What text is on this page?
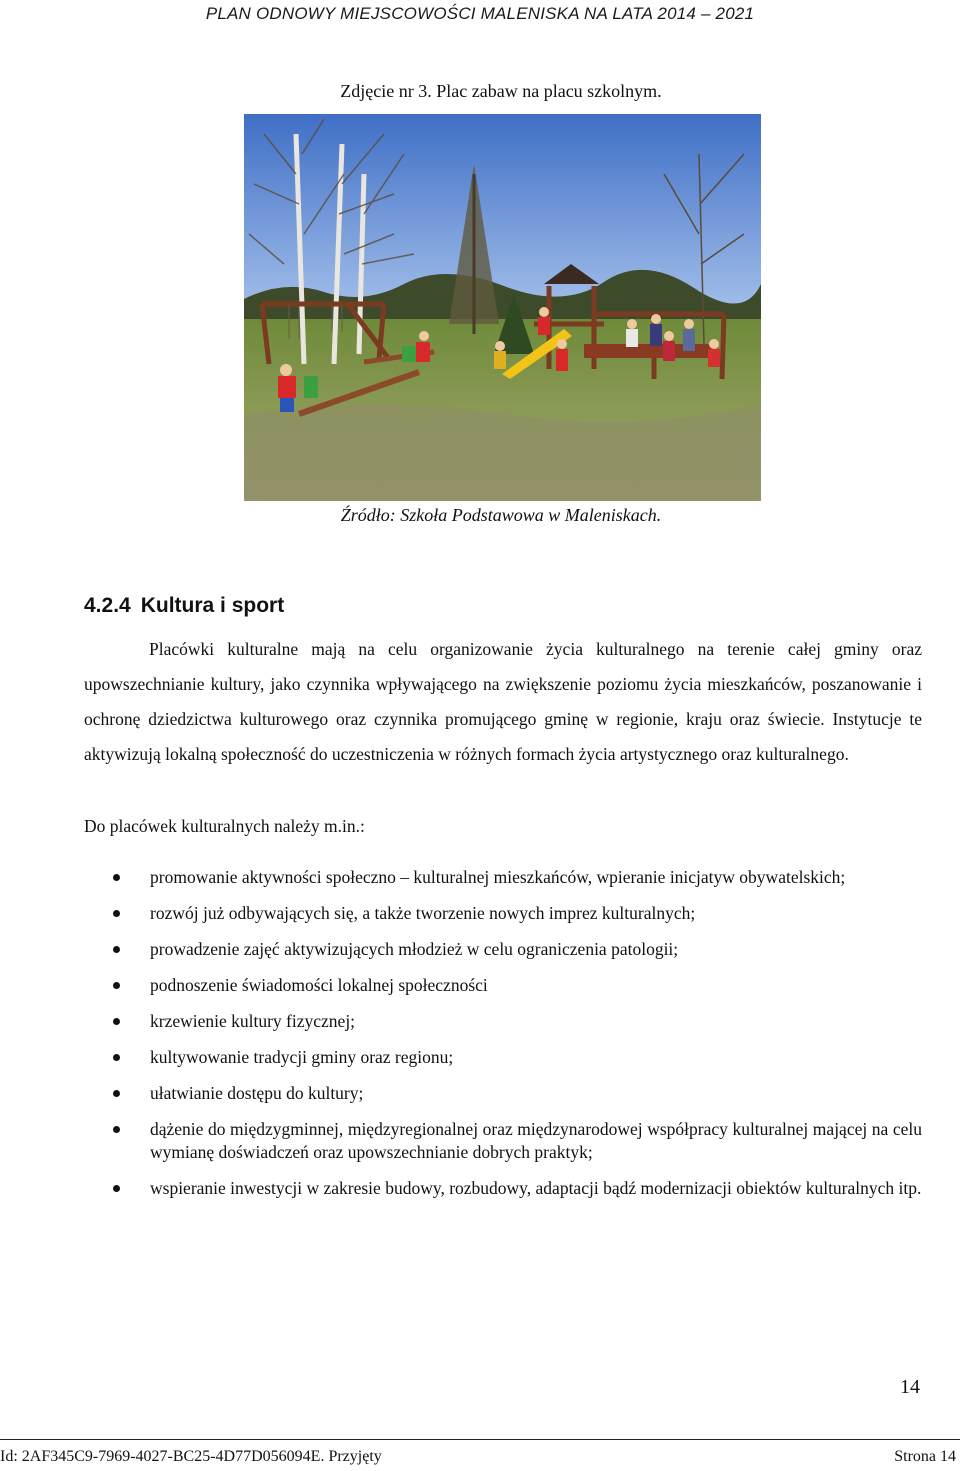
PLAN ODNOWY MIEJSCOWOŚCI MALENISKA NA LATA 2014 – 2021
Zdjęcie nr 3. Plac zabaw na placu szkolnym.
Źródło: Szkoła Podstawowa w Maleniskach.
4.2.4 Kultura i sport

Placówki kulturalne mają na celu organizowanie życia kulturalnego na terenie całej gminy oraz upowszechnianie kultury, jako czynnika wpływającego na zwiększenie poziomu życia mieszkańców, poszanowanie i ochronę dziedzictwa kulturowego oraz czynnika promującego gminę w regionie, kraju oraz świecie. Instytucje te aktywizują lokalną społeczność do uczestniczenia w różnych formach życia artystycznego oraz kulturalnego.

Do placówek kulturalnych należy m.in.:

promowanie aktywności społeczno – kulturalnej mieszkańców, wpieranie inicjatyw obywatelskich;
rozwój już odbywających się, a także tworzenie nowych imprez kulturalnych;
prowadzenie zajęć aktywizujących młodzież w celu ograniczenia patologii;
podnoszenie świadomości lokalnej społeczności
krzewienie kultury fizycznej;
kultywowanie tradycji gminy oraz regionu;
ułatwianie dostępu do kultury;
dążenie do międzygminnej, międzyregionalnej oraz międzynarodowej współpracy kulturalnej mającej na celu wymianę doświadczeń oraz upowszechnianie dobrych praktyk;
wspieranie inwestycji w zakresie budowy, rozbudowy, adaptacji bądź modernizacji obiektów kulturalnych itp.
14
Id: 2AF345C9-7969-4027-BC25-4D77D056094E. Przyjęty	Strona 14
